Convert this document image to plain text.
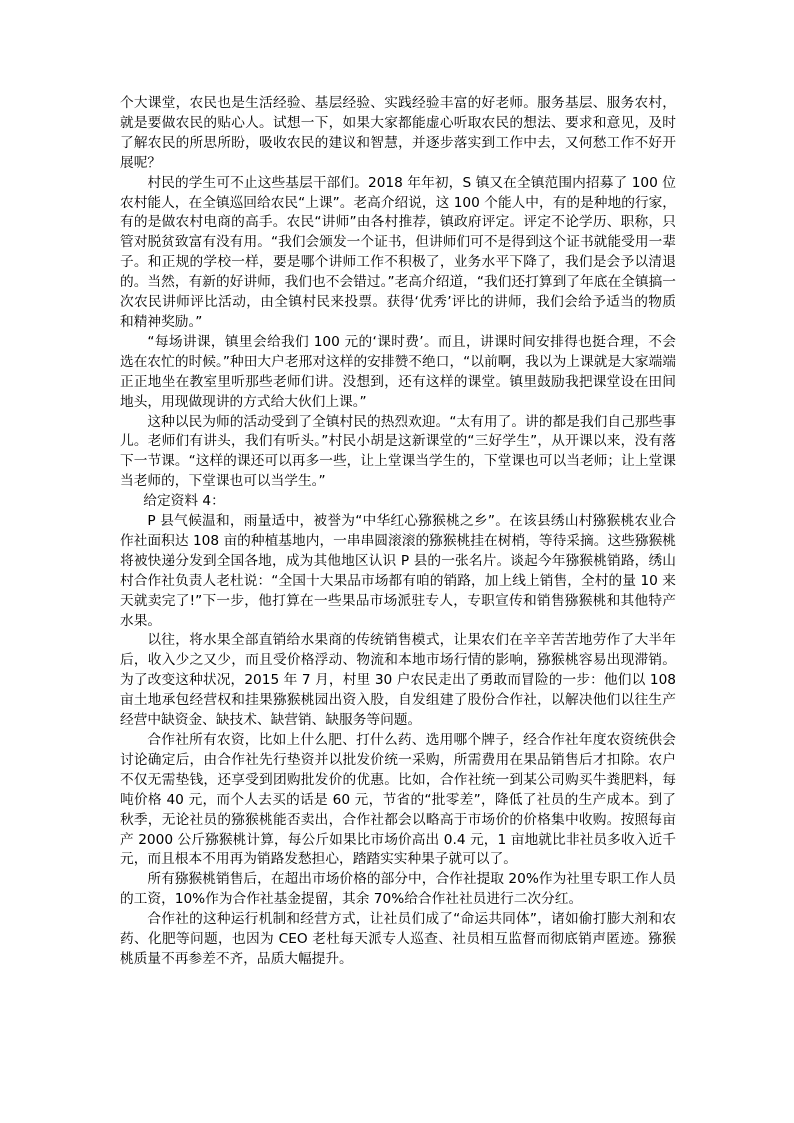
个大课堂，农民也是生活经验、基层经验、实践经验丰富的好老师。服务基层、服务农村，就是要做农民的贴心人。试想一下，如果大家都能虚心听取农民的想法、要求和意见，及时了解农民的所思所盼，吸收农民的建议和智慧，并逐步落实到工作中去，又何愁工作不好开展呢？

村民的学生可不止这些基层干部们。2018 年年初，S 镇又在全镇范围内招募了 100 位农村能人，在全镇巡回给农民“上课”。老高介绍说，这 100 个能人中，有的是种地的行家，有的是做农村电商的高手。农民“讲师”由各村推荐，镇政府评定。评定不论学历、职称，只管对脱贫致富有没有用。“我们会颁发一个证书，但讲师们可不是得到这个证书就能受用一辈子。和正规的学校一样，要是哪个讲师工作不积极了，业务水平下降了，我们是会予以清退的。当然，有新的好讲师，我们也不会错过。”老高介绍道，“我们还打算到了年底在全镇搞一次农民讲师评比活动，由全镇村民来投票。获得‘优秀’评比的讲师，我们会给予适当的物质和精神奖励。”

“每场讲课，镇里会给我们 100 元的‘课时费’。而且，讲课时间安排得也挺合理，不会选在农忙的时候。”种田大户老邢对这样的安排赞不绝口，“以前啊，我以为上课就是大家端端正正地坐在教室里听那些老师们讲。没想到，还有这样的课堂。镇里鼓励我把课堂设在田间地头，用现做现讲的方式给大伙们上课。”

这种以民为师的活动受到了全镇村民的热烈欢迎。“太有用了。讲的都是我们自己那些事儿。老师们有讲头，我们有听头。”村民小胡是这新课堂的“三好学生”，从开课以来，没有落下一节课。“这样的课还可以再多一些，让上堂课当学生的，下堂课也可以当老师；让上堂课当老师的，下堂课也可以当学生。”

给定资料 4：

P 县气候温和，雨量适中，被誉为“中华红心猕猴桃之乡”。在该县绣山村猕猴桃农业合作社面积达 108 亩的种植基地内，一串串圆滚滚的猕猴桃挂在树梢，等待采摘。这些猕猴桃将被快递分发到全国各地，成为其他地区认识 P 县的一张名片。谈起今年猕猴桃销路，绣山村合作社负责人老杜说：“全国十大果品市场都有咱的销路，加上线上销售，全村的量 10 来天就卖完了!”下一步，他打算在一些果品市场派驻专人，专职宣传和销售猕猴桃和其他特产水果。

以往，将水果全部直销给水果商的传统销售模式，让果农们在辛辛苦苦地劳作了大半年后，收入少之又少，而且受价格浮动、物流和本地市场行情的影响，猕猴桃容易出现滞销。为了改变这种状况，2015 年 7 月，村里 30 户农民走出了勇敢而冒险的一步：他们以 108 亩土地承包经营权和挂果猕猴桃园出资入股，自发组建了股份合作社，以解决他们以往生产经营中缺资金、缺技术、缺营销、缺服务等问题。

合作社所有农资，比如上什么肥、打什么药、选用哪个牌子，经合作社年度农资统供会讨论确定后，由合作社先行垫资并以批发价统一采购，所需费用在果品销售后才扣除。农户不仅无需垫钱，还享受到团购批发价的优惠。比如，合作社统一到某公司购买牛粪肥料，每吨价格 40 元，而个人去买的话是 60 元，节省的“批零差”，降低了社员的生产成本。到了秋季，无论社员的猕猴桃能否卖出，合作社都会以略高于市场价的价格集中收购。按照每亩产 2000 公斤猕猴桃计算，每公斤如果比市场价高出 0.4 元，1 亩地就比非社员多收入近千元，而且根本不用再为销路发愁担心，踏踏实实种果子就可以了。

所有猕猴桃销售后，在超出市场价格的部分中，合作社提取 20%作为社里专职工作人员的工资，10%作为合作社基金提留，其余 70%给合作社社员进行二次分红。

合作社的这种运行机制和经营方式，让社员们成了“命运共同体”，诸如偷打膨大剂和农药、化肥等问题，也因为 CEO 老杜每天派专人巡查、社员相互监督而彻底销声匿迹。猕猴桃质量不再参差不齐，品质大幅提升。
